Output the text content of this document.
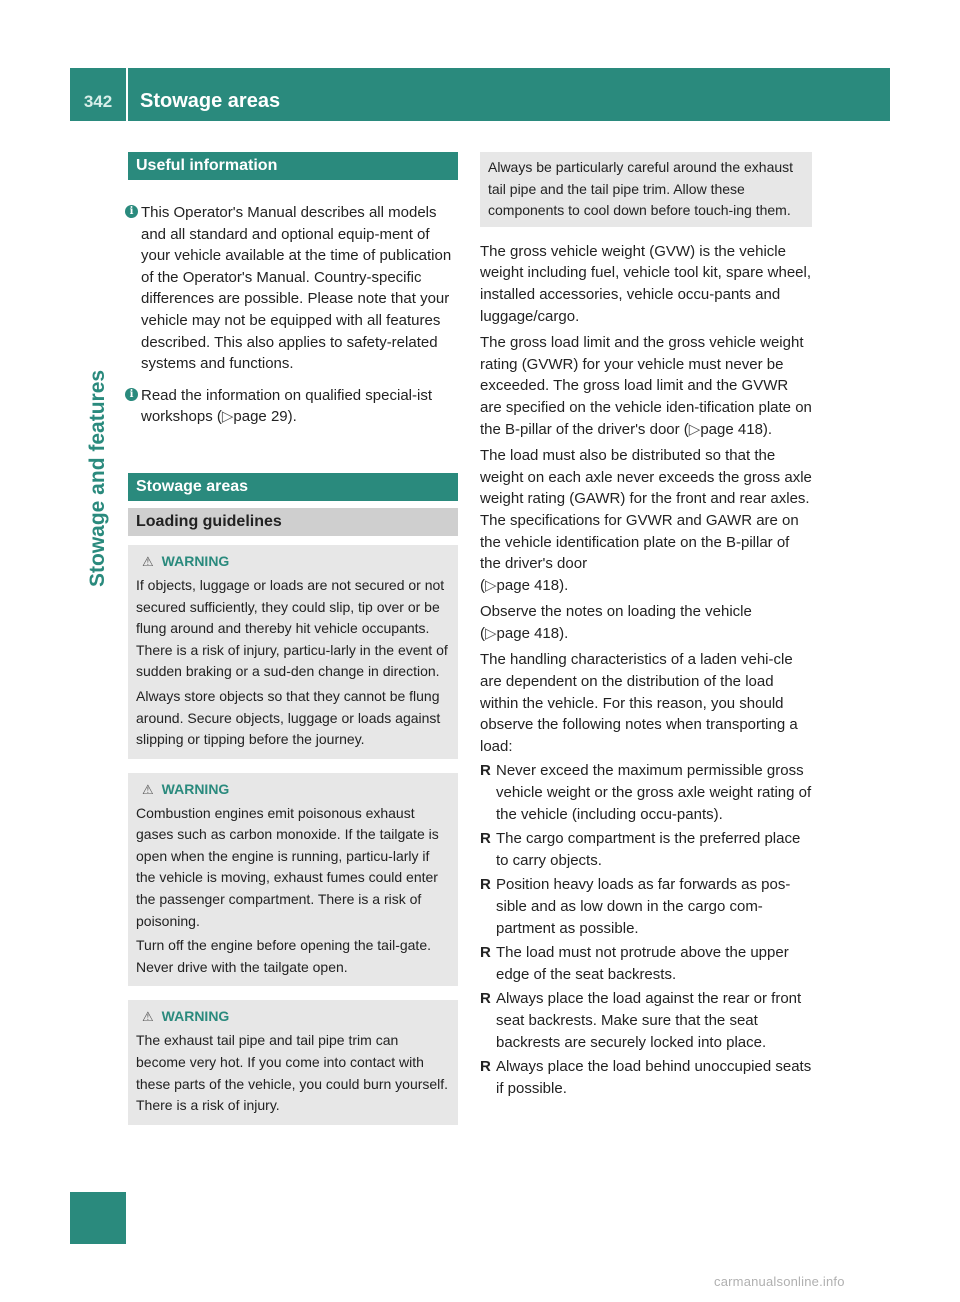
342	Stowage areas
Stowage and features
Useful information
i This Operator's Manual describes all models and all standard and optional equip-ment of your vehicle available at the time of publication of the Operator's Manual. Country-specific differences are possible. Please note that your vehicle may not be equipped with all features described. This also applies to safety-related systems and functions.
i Read the information on qualified special-ist workshops (▷page 29).
Stowage areas
Loading guidelines
⚠ WARNING

If objects, luggage or loads are not secured or not secured sufficiently, they could slip, tip over or be flung around and thereby hit vehicle occupants. There is a risk of injury, particu-larly in the event of sudden braking or a sud-den change in direction.

Always store objects so that they cannot be flung around. Secure objects, luggage or loads against slipping or tipping before the journey.

⚠ WARNING

Combustion engines emit poisonous exhaust gases such as carbon monoxide. If the tailgate is open when the engine is running, particu-larly if the vehicle is moving, exhaust fumes could enter the passenger compartment. There is a risk of poisoning.

Turn off the engine before opening the tail-gate. Never drive with the tailgate open.

⚠ WARNING

The exhaust tail pipe and tail pipe trim can become very hot. If you come into contact with these parts of the vehicle, you could burn yourself. There is a risk of injury.

Always be particularly careful around the exhaust tail pipe and the tail pipe trim. Allow these components to cool down before touch-ing them.

The gross vehicle weight (GVW) is the vehicle weight including fuel, vehicle tool kit, spare wheel, installed accessories, vehicle occu-pants and luggage/cargo.

The gross load limit and the gross vehicle weight rating (GVWR) for your vehicle must never be exceeded. The gross load limit and the GVWR are specified on the vehicle iden-tification plate on the B-pillar of the driver's door (▷page 418).

The load must also be distributed so that the weight on each axle never exceeds the gross axle weight rating (GAWR) for the front and rear axles. The specifications for GVWR and GAWR are on the vehicle identification plate on the B-pillar of the driver's door
(▷page 418).

Observe the notes on loading the vehicle
(▷page 418).

The handling characteristics of a laden vehi-cle are dependent on the distribution of the load within the vehicle. For this reason, you should observe the following notes when transporting a load:

R Never exceed the maximum permissible gross vehicle weight or the gross axle weight rating of the vehicle (including occu-pants).
R The cargo compartment is the preferred place to carry objects.
R Position heavy loads as far forwards as pos-sible and as low down in the cargo com-partment as possible.
R The load must not protrude above the upper edge of the seat backrests.
R Always place the load against the rear or front seat backrests. Make sure that the seat backrests are securely locked into place.
R Always place the load behind unoccupied seats if possible.
carmanualsonline.info
